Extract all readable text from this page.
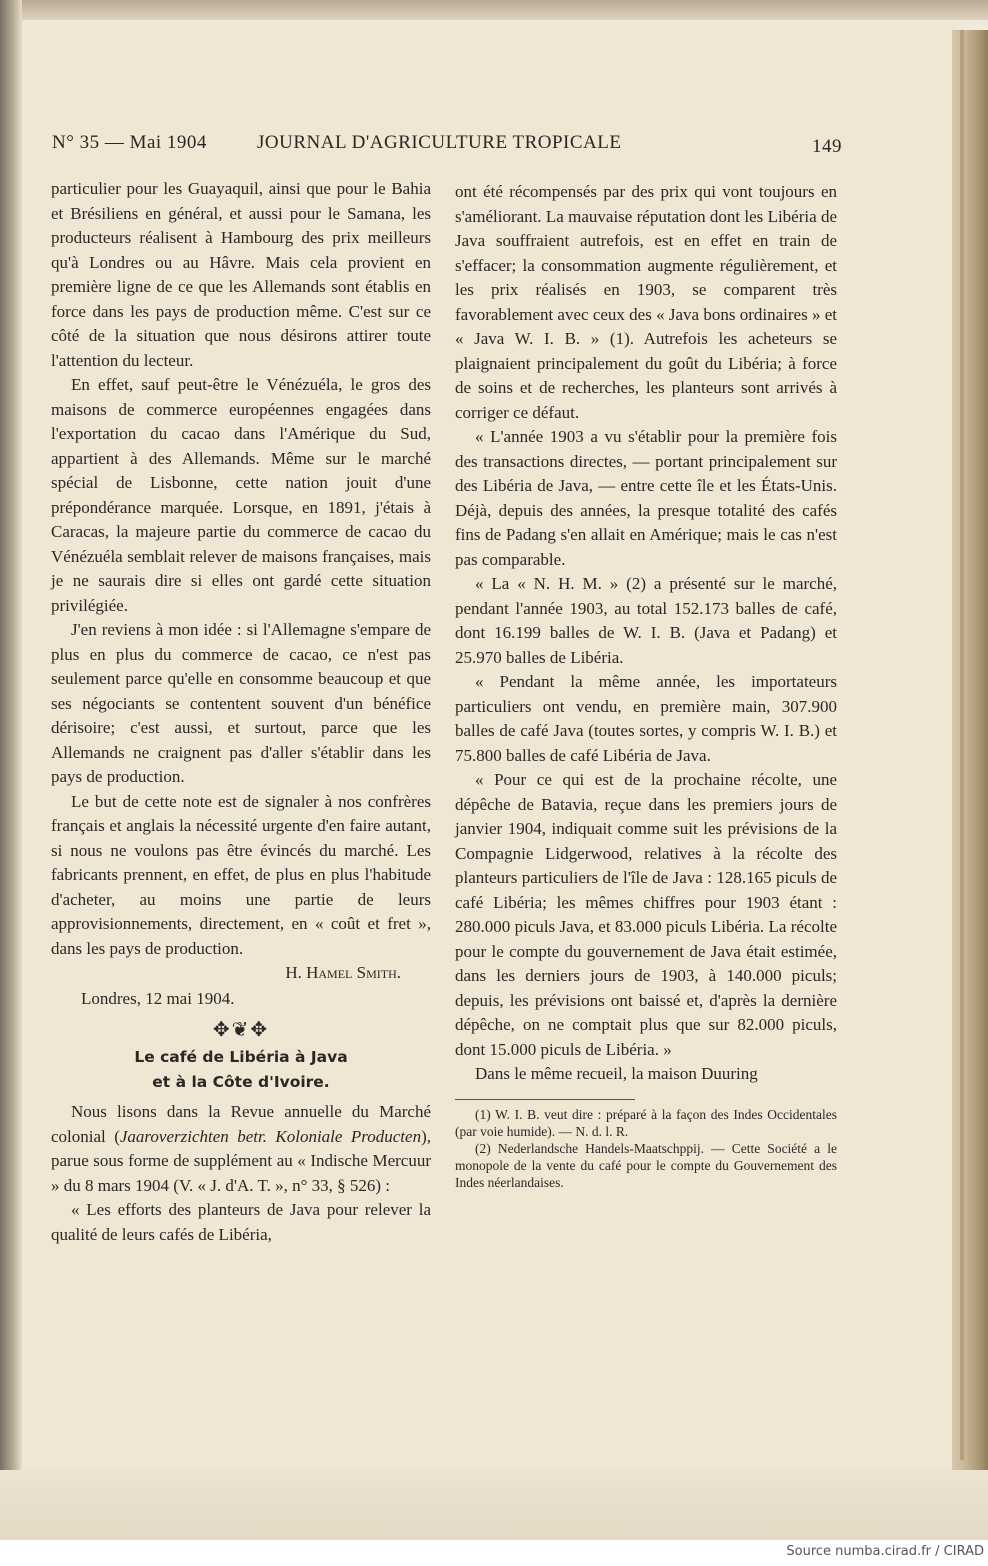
N° 35 — Mai 1904	JOURNAL D'AGRICULTURE TROPICALE	149

particulier pour les Guayaquil, ainsi que pour le Bahia et Brésiliens en général, et aussi pour le Samana, les producteurs réalisent à Hambourg des prix meilleurs qu'à Londres ou au Hâvre. Mais cela provient en première ligne de ce que les Allemands sont établis en force dans les pays de production même. C'est sur ce côté de la situation que nous désirons attirer toute l'attention du lecteur.

En effet, sauf peut-être le Vénézuéla, le gros des maisons de commerce européennes engagées dans l'exportation du cacao dans l'Amérique du Sud, appartient à des Allemands. Même sur le marché spécial de Lisbonne, cette nation jouit d'une prépondérance marquée. Lorsque, en 1891, j'étais à Caracas, la majeure partie du commerce de cacao du Vénézuéla semblait relever de maisons françaises, mais je ne saurais dire si elles ont gardé cette situation privilégiée.

J'en reviens à mon idée : si l'Allemagne s'empare de plus en plus du commerce de cacao, ce n'est pas seulement parce qu'elle en consomme beaucoup et que ses négociants se contentent souvent d'un bénéfice dérisoire; c'est aussi, et surtout, parce que les Allemands ne craignent pas d'aller s'établir dans les pays de production.

Le but de cette note est de signaler à nos confrères français et anglais la nécessité urgente d'en faire autant, si nous ne voulons pas être évincés du marché. Les fabricants prennent, en effet, de plus en plus l'habitude d'acheter, au moins une partie de leurs approvisionnements, directement, en « coût et fret », dans les pays de production.

H. Hamel Smith.

Londres, 12 mai 1904.

✥❦✥

Le café de Libéria à Java
et à la Côte d'Ivoire.

Nous lisons dans la Revue annuelle du Marché colonial (Jaaroverzichten betr. Koloniale Producten), parue sous forme de supplément au « Indische Mercuur » du 8 mars 1904 (V. « J. d'A. T. », n° 33, § 526) :

« Les efforts des planteurs de Java pour relever la qualité de leurs cafés de Libéria,

ont été récompensés par des prix qui vont toujours en s'améliorant. La mauvaise réputation dont les Libéria de Java souffraient autrefois, est en effet en train de s'effacer; la consommation augmente régulièrement, et les prix réalisés en 1903, se comparent très favorablement avec ceux des « Java bons ordinaires » et « Java W. I. B. » (1). Autrefois les acheteurs se plaignaient principalement du goût du Libéria; à force de soins et de recherches, les planteurs sont arrivés à corriger ce défaut.

« L'année 1903 a vu s'établir pour la première fois des transactions directes, — portant principalement sur des Libéria de Java, — entre cette île et les États-Unis. Déjà, depuis des années, la presque totalité des cafés fins de Padang s'en allait en Amérique; mais le cas n'est pas comparable.

« La « N. H. M. » (2) a présenté sur le marché, pendant l'année 1903, au total 152.173 balles de café, dont 16.199 balles de W. I. B. (Java et Padang) et 25.970 balles de Libéria.

« Pendant la même année, les importateurs particuliers ont vendu, en première main, 307.900 balles de café Java (toutes sortes, y compris W. I. B.) et 75.800 balles de café Libéria de Java.

« Pour ce qui est de la prochaine récolte, une dépêche de Batavia, reçue dans les premiers jours de janvier 1904, indiquait comme suit les prévisions de la Compagnie Lidgerwood, relatives à la récolte des planteurs particuliers de l'île de Java : 128.165 piculs de café Libéria; les mêmes chiffres pour 1903 étant : 280.000 piculs Java, et 83.000 piculs Libéria. La récolte pour le compte du gouvernement de Java était estimée, dans les derniers jours de 1903, à 140.000 piculs; depuis, les prévisions ont baissé et, d'après la dernière dépêche, on ne comptait plus que sur 82.000 piculs, dont 15.000 piculs de Libéria. »

Dans le même recueil, la maison Duuring

(1) W. I. B. veut dire : préparé à la façon des Indes Occidentales (par voie humide). — N. d. l. R.

(2) Nederlandsche Handels-Maatschppij. — Cette Société a le monopole de la vente du café pour le compte du Gouvernement des Indes néerlandaises.

Source numba.cirad.fr / CIRAD
